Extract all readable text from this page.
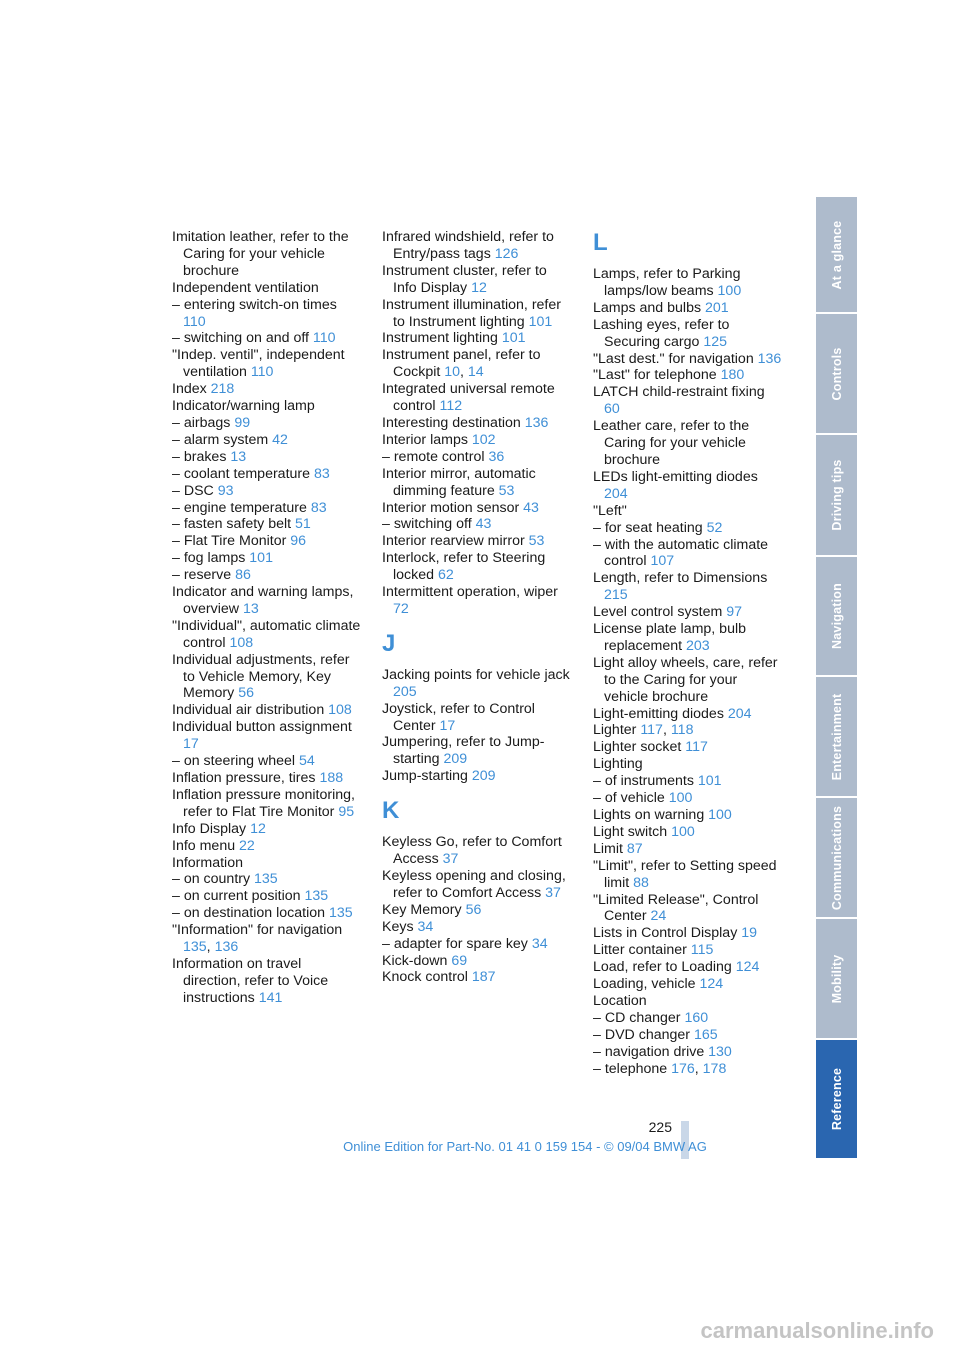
Imitation leather, refer to the Caring for your vehicle brochure
Independent ventilation
– entering switch-on times 110
– switching on and off 110
"Indep. ventil", independent ventilation 110
Index 218
Indicator/warning lamp
– airbags 99
– alarm system 42
– brakes 13
– coolant temperature 83
– DSC 93
– engine temperature 83
– fasten safety belt 51
– Flat Tire Monitor 96
– fog lamps 101
– reserve 86
Indicator and warning lamps, overview 13
"Individual", automatic climate control 108
Individual adjustments, refer to Vehicle Memory, Key Memory 56
Individual air distribution 108
Individual button assignment 17
– on steering wheel 54
Inflation pressure, tires 188
Inflation pressure monitoring, refer to Flat Tire Monitor 95
Info Display 12
Info menu 22
Information
– on country 135
– on current position 135
– on destination location 135
"Information" for navigation 135, 136
Information on travel direction, refer to Voice instructions 141
Infrared windshield, refer to Entry/pass tags 126
Instrument cluster, refer to Info Display 12
Instrument illumination, refer to Instrument lighting 101
Instrument lighting 101
Instrument panel, refer to Cockpit 10, 14
Integrated universal remote control 112
Interesting destination 136
Interior lamps 102
– remote control 36
Interior mirror, automatic dimming feature 53
Interior motion sensor 43
– switching off 43
Interior rearview mirror 53
Interlock, refer to Steering locked 62
Intermittent operation, wiper 72
J
Jacking points for vehicle jack 205
Joystick, refer to Control Center 17
Jumpering, refer to Jump-starting 209
Jump-starting 209
K
Keyless Go, refer to Comfort Access 37
Keyless opening and closing, refer to Comfort Access 37
Key Memory 56
Keys 34
– adapter for spare key 34
Kick-down 69
Knock control 187
L
Lamps, refer to Parking lamps/low beams 100
Lamps and bulbs 201
Lashing eyes, refer to Securing cargo 125
"Last dest." for navigation 136
"Last" for telephone 180
LATCH child-restraint fixing 60
Leather care, refer to the Caring for your vehicle brochure
LEDs light-emitting diodes 204
"Left"
– for seat heating 52
– with the automatic climate control 107
Length, refer to Dimensions 215
Level control system 97
License plate lamp, bulb replacement 203
Light alloy wheels, care, refer to the Caring for your vehicle brochure
Light-emitting diodes 204
Lighter 117, 118
Lighter socket 117
Lighting
– of instruments 101
– of vehicle 100
Lights on warning 100
Light switch 100
Limit 87
"Limit", refer to Setting speed limit 88
"Limited Release", Control Center 24
Lists in Control Display 19
Litter container 115
Load, refer to Loading 124
Loading, vehicle 124
Location
– CD changer 160
– DVD changer 165
– navigation drive 130
– telephone 176, 178
At a glance
Controls
Driving tips
Navigation
Entertainment
Communications
Mobility
Reference
225
Online Edition for Part-No. 01 41 0 159 154 - © 09/04 BMW AG
carmanualsonline.info
